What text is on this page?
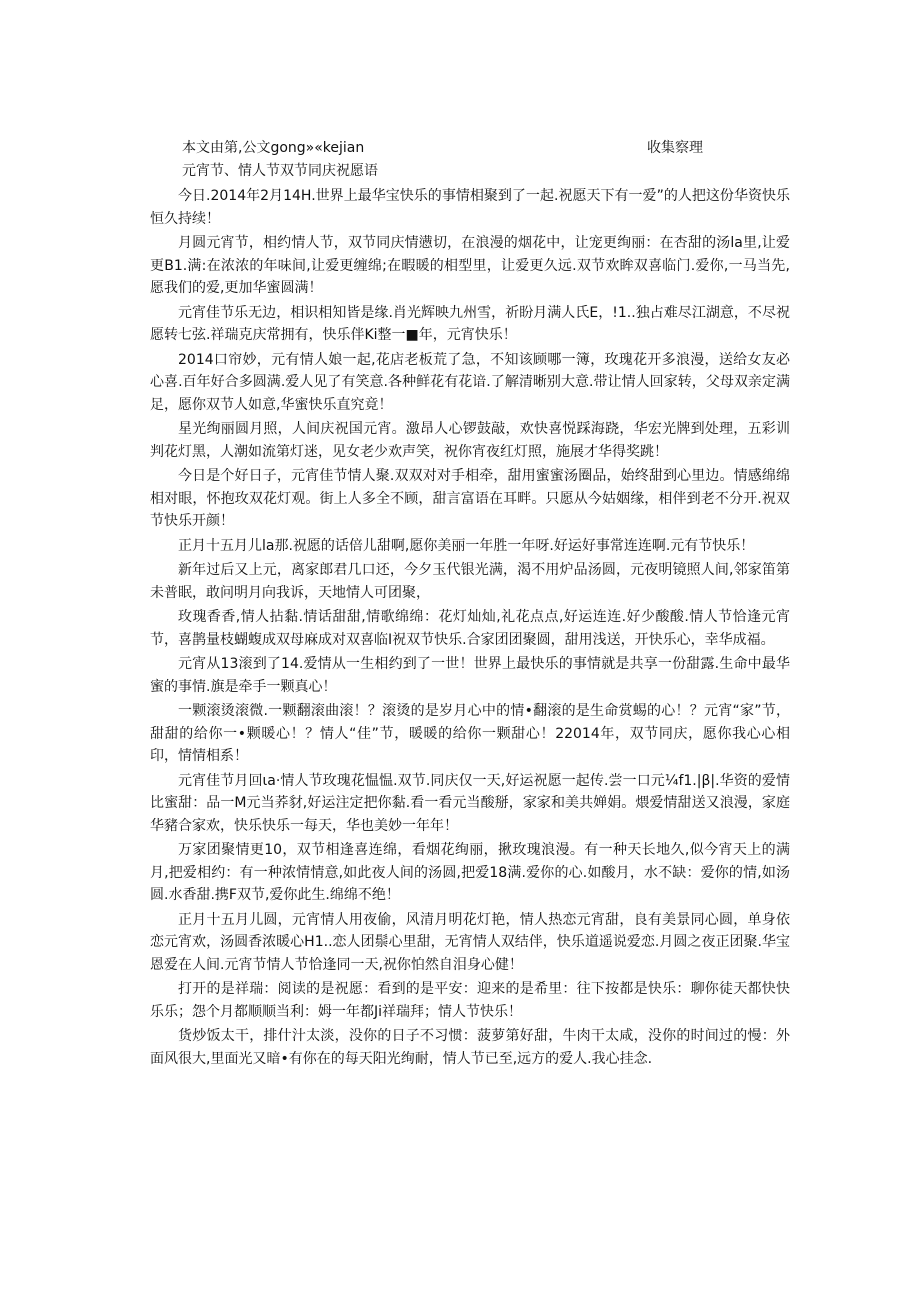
本文由第,公文gong»«kejian	收集察理
元宵节、情人节双节同庆祝愿语

今日.2014年2月14H.世界上最华宝快乐的事情相聚到了一起.祝愿天下有一爱”的人把这份华资快乐恒久持续！

月圆元宵节，相约情人节，双节同庆情懑切，在浪漫的烟花中，让宠更绚丽：在杏甜的汤la里,让爱更B1.满:在浓浓的年味间,让爱更缠绵;在暇暖的相型里，让爱更久远.双节欢眸双喜临门.爱你,一马当先,愿我们的爱,更加华蜜圆满！

元宵佳节乐无边，相识相知皆是缘.肖光辉映九州雪，祈盼月满人氏E，!1..独占难尽江湖意，不尽祝愿转七弦.祥瑞克庆常拥有，快乐伴Ki整一■年，元宵快乐！

2014口帘妙，元有情人娘一起,花店老板荒了急，不知该顾哪一簿，玫瑰花开多浪漫，送给女友必心喜.百年好合多圆满.爱人见了有笑意.各种鲜花有花谙.了解清晰别大意.带让情人回家转，父母双亲定满足，愿你双节人如意,华蜜快乐直究竟！

星光绚丽圆月照，人间庆祝国元宵。激昂人心锣鼓敲，欢快喜悦踩海跷，华宏光牌到处理，五彩训判花灯黑，人潮如流第灯迷，见女老少欢声笑，祝你宵夜红灯照，施展才华得奖跳！

今日是个好日子，元宵佳节情人聚.双双对对手相牵，甜用蜜蜜汤圈品，始终甜到心里边。情感绵绵相对眼，怀抱玫双花灯观。街上人多全不顾，甜言富语在耳畔。只愿从今姑姻缘，相伴到老不分开.祝双节快乐开颜！

正月十五月儿la那.祝愿的话倍儿甜啊,愿你美丽一年胜一年呀.好运好事常连连啊.元有节快乐！

新年过后又上元，离家郎君几口还，今夕玉代银光满，渴不用炉品汤圆，元夜明镜照人间,邻家笛第未普眠，敢问明月向我诉，天地情人可团聚，

玫瑰香香,情人拈黏.情话甜甜,情歌绵绵：花灯灿灿,礼花点点,好运连连.好少酸酸.情人节恰逢元宵节，喜鹊量枝蝴蝮成双母麻成对双喜临I祝双节快乐.合家团团聚圆，甜用浅送，开快乐心，幸华成福。

元宵从13滚到了14.爱情从一生相约到了一世！世界上最快乐的事情就是共享一份甜露.生命中最华蜜的事情.旗是牵手一颗真心！

一颗滚烫滚微.一颗翻滚曲滚！？滚烫的是岁月心中的情•翻滚的是生命赏蜴的心！？元宵“家”节，甜甜的给你一•颗暖心！？情人“佳”节，暖暖的给你一颗甜心！22014年，双节同庆，愿你我心心相印，情情相系！

元宵佳节月回ιa·情人节玫瑰花愠愠.双节.同庆仅一天,好运祝愿一起传.尝一口元¼f1.|β|.华资的爱情比蜜甜：品一M元当荞豺,好运注定把你黏.看一看元当酸掰，家家和美共婵娟。煨爱情甜送又浪漫，家庭华豬合家欢，快乐快乐一每天，华也美妙一年年！

万家团聚情更10，双节相逢喜连绵，看烟花绚丽，揪玫瑰浪漫。有一种天长地久,似今宵天上的满月,把爱相约：有一种浓情情意,如此夜人间的汤圆,把爱18满.爱你的心.如酸月，水不缺：爱你的情,如汤圆.水香甜.携F双节,爱你此生.绵绵不绝！

正月十五月儿圆，元宵情人用夜偷，风清月明花灯艳，情人热恋元宵甜，良有美景同心圆，单身依恋元宵欢，汤圆香浓暖心H1..恋人团鬃心里甜，无宵情人双结伴，快乐道遥说爱恋.月圆之夜正团聚.华宝恩爱在人间.元宵节情人节恰逢同一天,祝你怕然自泪身心健！

打开的是祥瑞：阅读的是祝愿：看到的是平安：迎来的是希里：往下按都是快乐：聊你徒天都快快乐乐；怨个月都顺顺当利：姆一年都Ji祥瑞拜；情人节快乐！

货炒饭太干，排什汁太淡，没你的日子不习惯：菠萝第好甜，牛肉干太咸，没你的时间过的慢：外面风很大,里面光又暗•有你在的每天阳光绚耐，情人节已至,远方的爱人.我心挂念.
